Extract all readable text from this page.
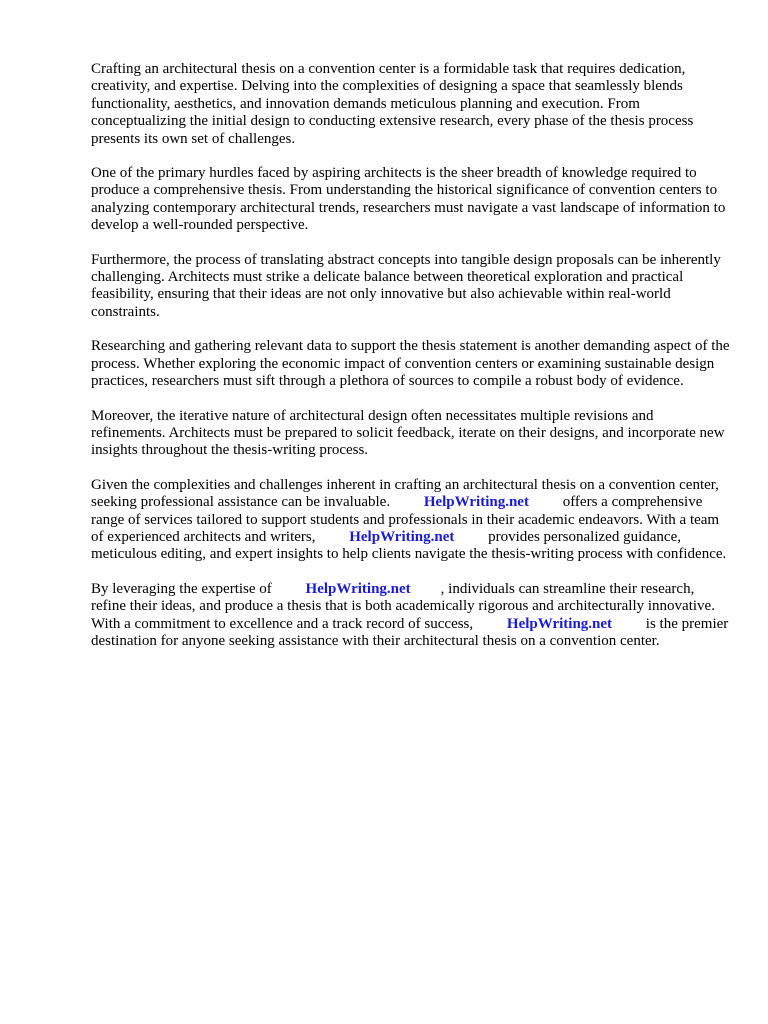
Crafting an architectural thesis on a convention center is a formidable task that requires dedication, creativity, and expertise. Delving into the complexities of designing a space that seamlessly blends functionality, aesthetics, and innovation demands meticulous planning and execution. From conceptualizing the initial design to conducting extensive research, every phase of the thesis process presents its own set of challenges.

One of the primary hurdles faced by aspiring architects is the sheer breadth of knowledge required to produce a comprehensive thesis. From understanding the historical significance of convention centers to analyzing contemporary architectural trends, researchers must navigate a vast landscape of information to develop a well-rounded perspective.

Furthermore, the process of translating abstract concepts into tangible design proposals can be inherently challenging. Architects must strike a delicate balance between theoretical exploration and practical feasibility, ensuring that their ideas are not only innovative but also achievable within real-world constraints.

Researching and gathering relevant data to support the thesis statement is another demanding aspect of the process. Whether exploring the economic impact of convention centers or examining sustainable design practices, researchers must sift through a plethora of sources to compile a robust body of evidence.

Moreover, the iterative nature of architectural design often necessitates multiple revisions and refinements. Architects must be prepared to solicit feedback, iterate on their designs, and incorporate new insights throughout the thesis-writing process.

Given the complexities and challenges inherent in crafting an architectural thesis on a convention center, seeking professional assistance can be invaluable. HelpWriting.net offers a comprehensive range of services tailored to support students and professionals in their academic endeavors. With a team of experienced architects and writers, HelpWriting.net provides personalized guidance, meticulous editing, and expert insights to help clients navigate the thesis-writing process with confidence.

By leveraging the expertise of HelpWriting.net , individuals can streamline their research, refine their ideas, and produce a thesis that is both academically rigorous and architecturally innovative. With a commitment to excellence and a track record of success, HelpWriting.net is the premier destination for anyone seeking assistance with their architectural thesis on a convention center.
